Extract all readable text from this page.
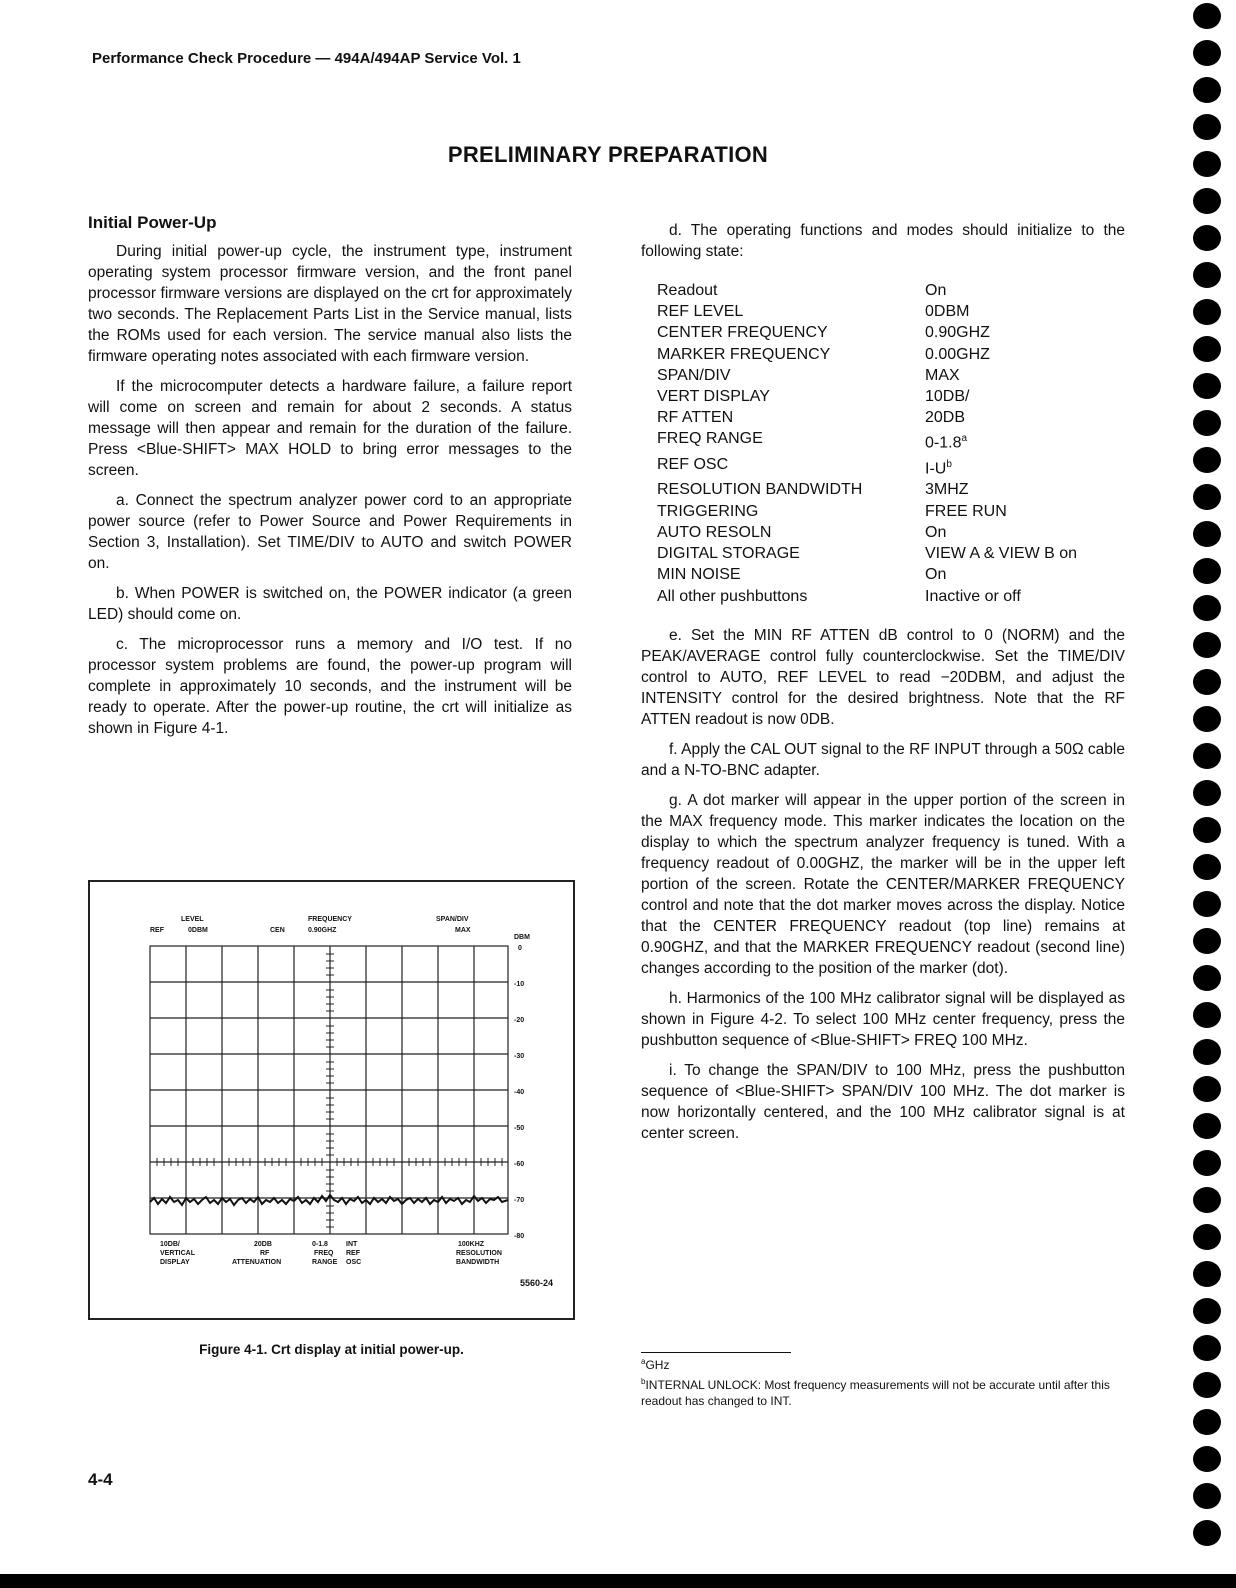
Performance Check Procedure — 494A/494AP Service Vol. 1
PRELIMINARY PREPARATION
Initial Power-Up

During initial power-up cycle, the instrument type, instrument operating system processor firmware version, and the front panel processor firmware versions are displayed on the crt for approximately two seconds. The Replacement Parts List in the Service manual, lists the ROMs used for each version. The service manual also lists the firmware operating notes associated with each firmware version.

If the microcomputer detects a hardware failure, a failure report will come on screen and remain for about 2 seconds. A status message will then appear and remain for the duration of the failure. Press <Blue-SHIFT> MAX HOLD to bring error messages to the screen.

a. Connect the spectrum analyzer power cord to an appropriate power source (refer to Power Source and Power Requirements in Section 3, Installation). Set TIME/DIV to AUTO and switch POWER on.

b. When POWER is switched on, the POWER indicator (a green LED) should come on.

c. The microprocessor runs a memory and I/O test. If no processor system problems are found, the power-up program will complete in approximately 10 seconds, and the instrument will be ready to operate. After the power-up routine, the crt will initialize as shown in Figure 4-1.

REF
LEVEL
0DBM	CEN
FREQUENCY
0.90GHZ
SPAN/DIV
MAX
DBM
0
-10
-20
-30
-40
-50
-60
-70
-80
10DB/
VERTICAL
DISPLAY
20DB
RF
ATTENUATION
0-1.8
FREQ
RANGE
INT
REF
OSC
100KHZ
RESOLUTION
BANDWIDTH
5560-24
Figure 4-1. Crt display at initial power-up.

d. The operating functions and modes should initialize to the following state:

Readout	On
REF LEVEL	0DBM
CENTER FREQUENCY	0.90GHZ
MARKER FREQUENCY	0.00GHZ
SPAN/DIV	MAX
VERT DISPLAY	10DB/
RF ATTEN	20DB
FREQ RANGE	0-1.8$^a$
REF OSC	$I-U^b$
RESOLUTION BANDWIDTH	3MHZ
TRIGGERING	FREE RUN
AUTO RESOLN	On
DIGITAL STORAGE	VIEW A & VIEW B on
MIN NOISE	On
All other pushbuttons	Inactive or off

e. Set the MIN RF ATTEN dB control to 0 (NORM) and the PEAK/AVERAGE control fully counterclockwise. Set the TIME/DIV control to AUTO, REF LEVEL to read −20DBM, and adjust the INTENSITY control for the desired brightness. Note that the RF ATTEN readout is now 0DB.

f. Apply the CAL OUT signal to the RF INPUT through a 50Ω cable and a N-TO-BNC adapter.

g. A dot marker will appear in the upper portion of the screen in the MAX frequency mode. This marker indicates the location on the display to which the spectrum analyzer frequency is tuned. With a frequency readout of 0.00GHZ, the marker will be in the upper left portion of the screen. Rotate the CENTER/MARKER FREQUENCY control and note that the dot marker moves across the display. Notice that the CENTER FREQUENCY readout (top line) remains at 0.90GHZ, and that the MARKER FREQUENCY readout (second line) changes according to the position of the marker (dot).

h. Harmonics of the 100 MHz calibrator signal will be displayed as shown in Figure 4-2. To select 100 MHz center frequency, press the pushbutton sequence of <Blue-SHIFT> FREQ 100 MHz.

i. To change the SPAN/DIV to 100 MHz, press the pushbutton sequence of <Blue-SHIFT> SPAN/DIV 100 MHz. The dot marker is now horizontally centered, and the 100 MHz calibrator signal is at center screen.

$^a$GHz
$^b$INTERNAL UNLOCK: Most frequency measurements will not be accurate until after this readout has changed to INT.
4-4
